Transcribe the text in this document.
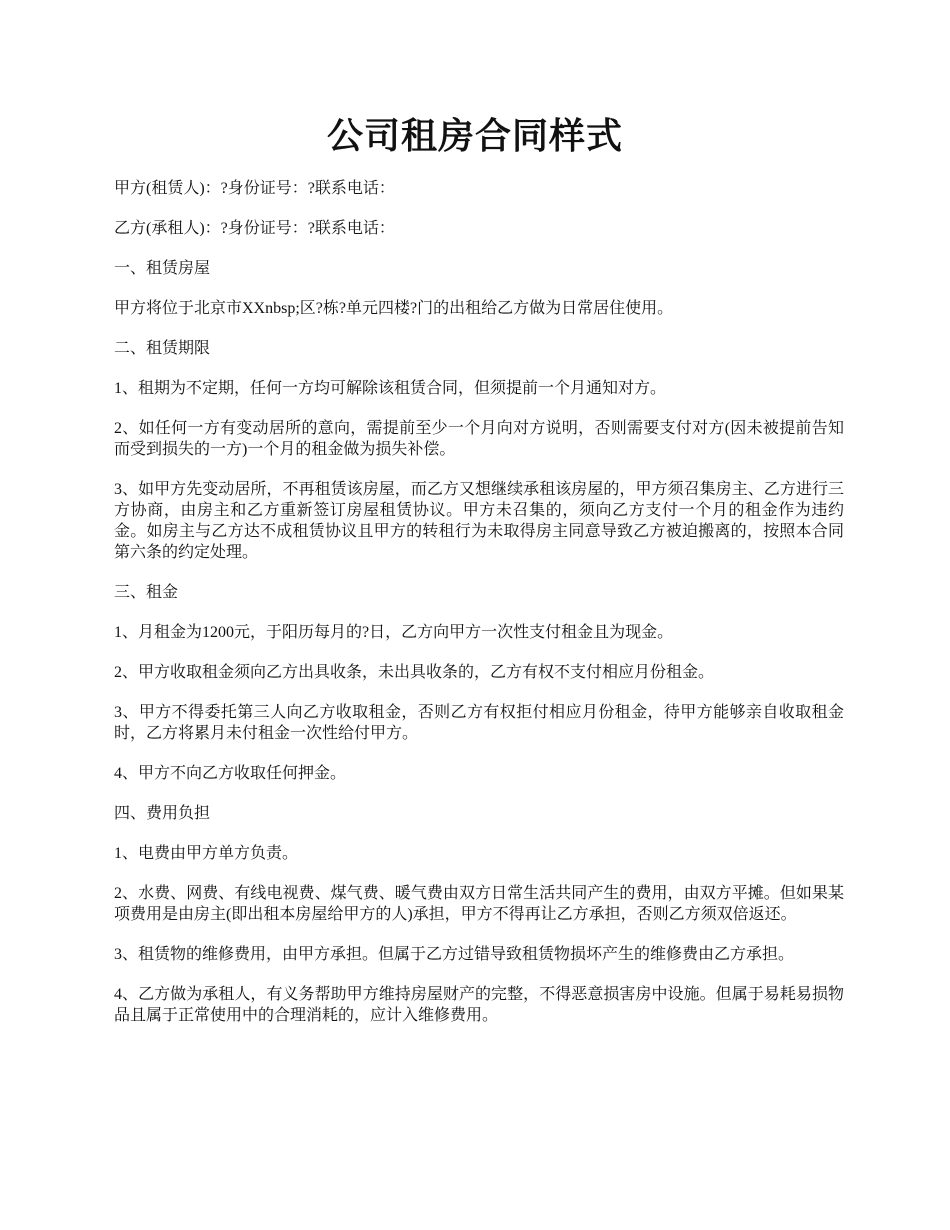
公司租房合同样式

甲方(租赁人)：?身份证号：?联系电话：

乙方(承租人)：?身份证号：?联系电话：

一、租赁房屋

甲方将位于北京市XXnbsp;区?栋?单元四楼?门的出租给乙方做为日常居住使用。

二、租赁期限

1、租期为不定期，任何一方均可解除该租赁合同，但须提前一个月通知对方。

2、如任何一方有变动居所的意向，需提前至少一个月向对方说明，否则需要支付对方(因未被提前告知而受到损失的一方)一个月的租金做为损失补偿。

3、如甲方先变动居所，不再租赁该房屋，而乙方又想继续承租该房屋的，甲方须召集房主、乙方进行三方协商，由房主和乙方重新签订房屋租赁协议。甲方未召集的，须向乙方支付一个月的租金作为违约金。如房主与乙方达不成租赁协议且甲方的转租行为未取得房主同意导致乙方被迫搬离的，按照本合同第六条的约定处理。

三、租金

1、月租金为1200元，于阳历每月的?日，乙方向甲方一次性支付租金且为现金。

2、甲方收取租金须向乙方出具收条，未出具收条的，乙方有权不支付相应月份租金。

3、甲方不得委托第三人向乙方收取租金，否则乙方有权拒付相应月份租金，待甲方能够亲自收取租金时，乙方将累月未付租金一次性给付甲方。

4、甲方不向乙方收取任何押金。

四、费用负担

1、电费由甲方单方负责。

2、水费、网费、有线电视费、煤气费、暖气费由双方日常生活共同产生的费用，由双方平摊。但如果某项费用是由房主(即出租本房屋给甲方的人)承担，甲方不得再让乙方承担，否则乙方须双倍返还。

3、租赁物的维修费用，由甲方承担。但属于乙方过错导致租赁物损坏产生的维修费由乙方承担。

4、乙方做为承租人，有义务帮助甲方维持房屋财产的完整，不得恶意损害房中设施。但属于易耗易损物品且属于正常使用中的合理消耗的，应计入维修费用。
